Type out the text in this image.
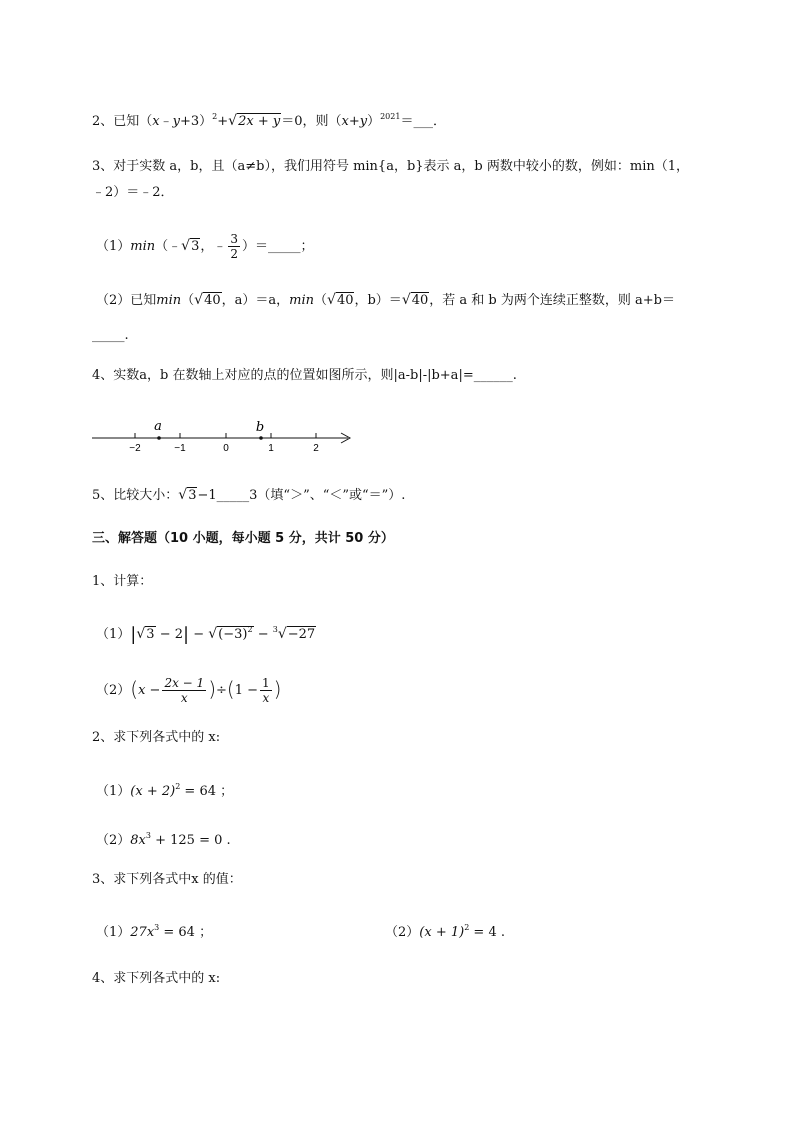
2、已知（x﹣y+3）$^2$+√2x + y＝0，则$(x+y)^{2021}=\_\_\_$．
3、对于实数 a，b，且（a≠b），我们用符号 min{a，b}表示 a，b 两数中较小的数，例如：min（1，
﹣2）＝﹣2．
（1）min（﹣√3，﹣ $\frac{3}{2}$ ）＝_____；
（2）已知min（√40，a）＝a，min（√40，b）＝√40，若 a 和 b 为两个连续正整数，则 a+b＝
_____.
4、实数a，b 在数轴上对应的点的位置如图所示，则|a-b|-|b+a|=______.
−2	−1	0	1	2
a	b
5、比较大小：√3−1_____3（填“＞”、“＜”或“＝”）.
三、解答题（10 小题，每小题 5 分，共计 50 分）
1、计算：
$(1)|√3 - 2| - √(-3)^2 - ^3√-27$
$(2)(x - \frac{2x - 1}{x} )\div(1 - \frac{1}{x}$ )
2、求下列各式中的 x:
$(1)(x + 2)^2 = 64$ ；
$(2)8x^3 + 125 = 0$ .
3、求下列各式中x 的值：
$(1)27x^3 = 64$ ；	$(2)(x + 1)^2 = 4$ .
4、求下列各式中的 x:
